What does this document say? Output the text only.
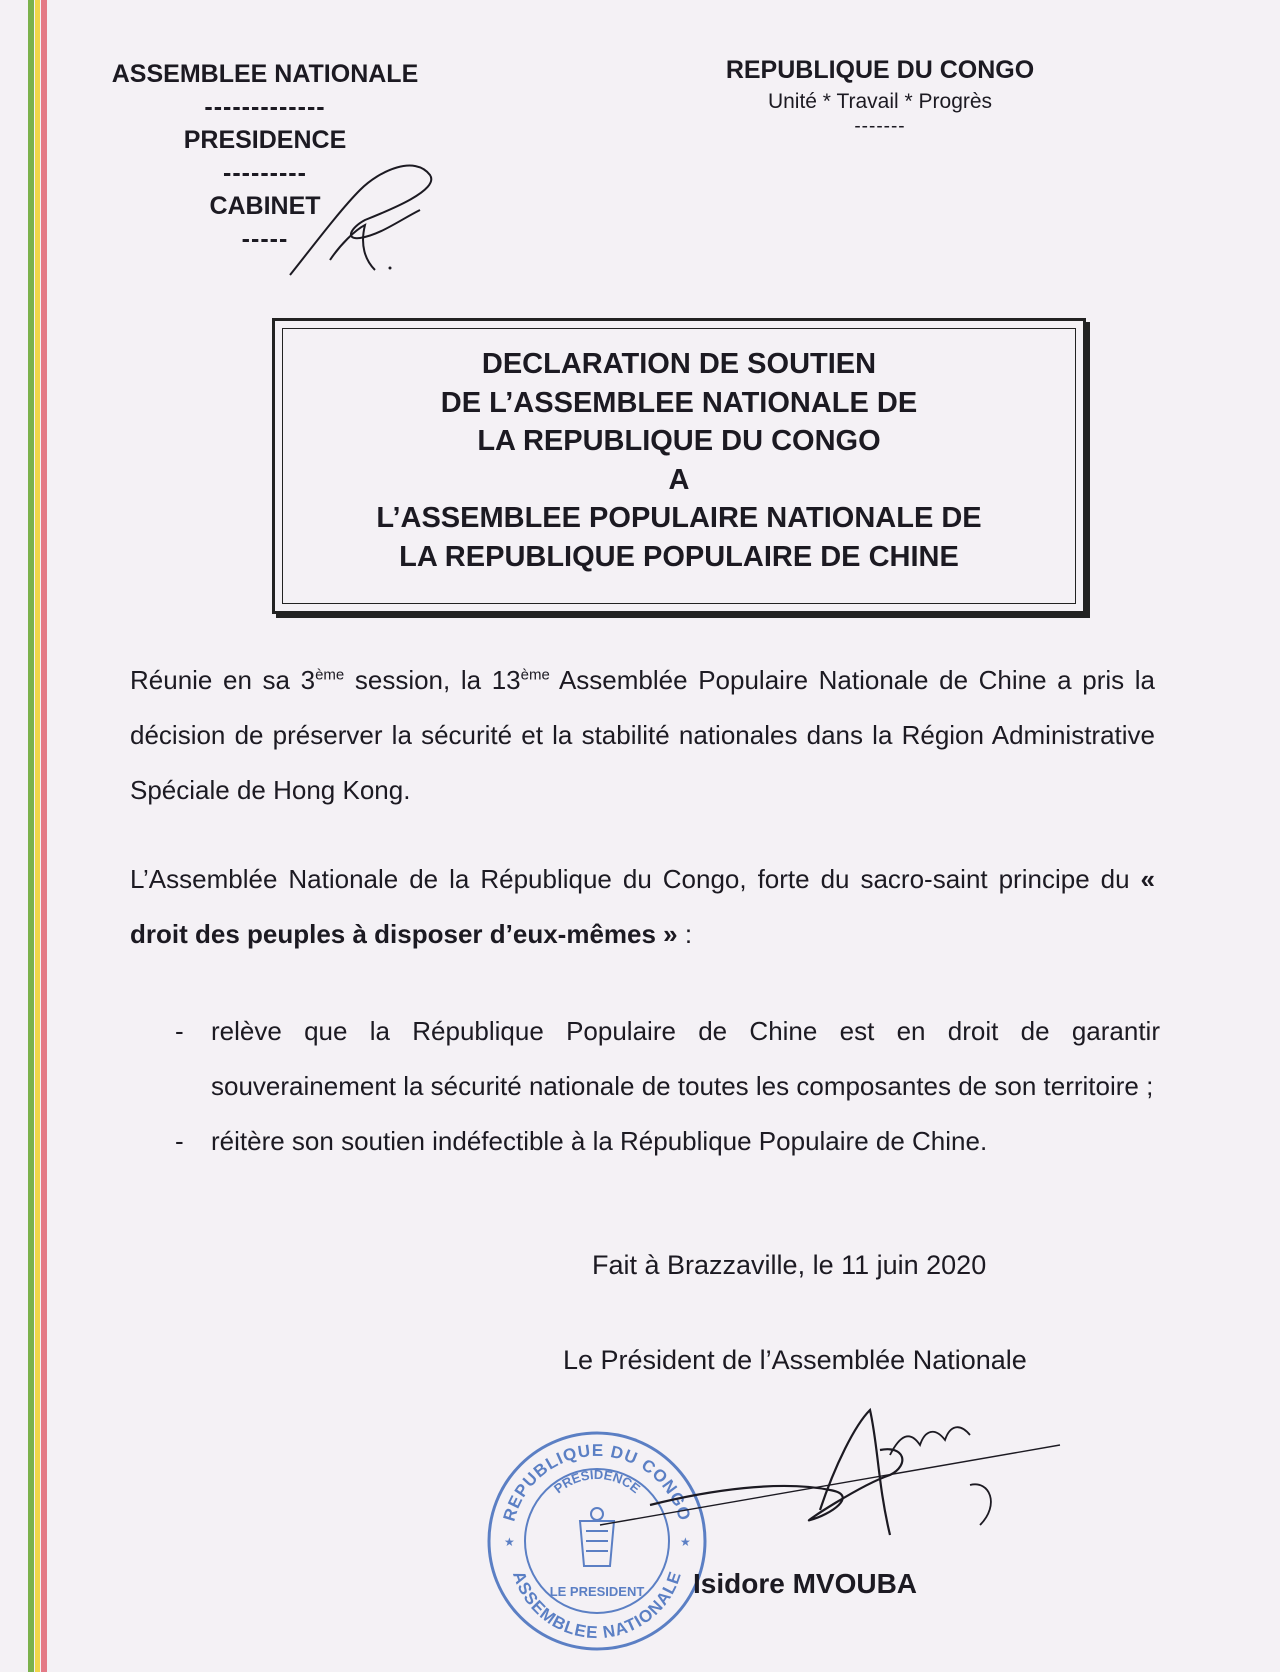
ASSEMBLEE NATIONALE
-------------
PRESIDENCE
---------
CABINET
-----
REPUBLIQUE DU CONGO
Unité * Travail * Progrès
-------
DECLARATION DE SOUTIEN
DE L’ASSEMBLEE NATIONALE DE
LA REPUBLIQUE DU CONGO
A
L’ASSEMBLEE POPULAIRE NATIONALE DE
LA REPUBLIQUE POPULAIRE DE CHINE
Réunie en sa 3ème session, la 13ème Assemblée Populaire Nationale de Chine a pris la décision de préserver la sécurité et la stabilité nationales dans la Région Administrative Spéciale de Hong Kong.
L’Assemblée Nationale de la République du Congo, forte du sacro-saint principe du « droit des peuples à disposer d’eux-mêmes » :
-	relève que la République Populaire de Chine est en droit de garantir souverainement la sécurité nationale de toutes les composantes de son territoire ;
-	réitère son soutien indéfectible à la République Populaire de Chine.
Fait à Brazzaville, le 11 juin 2020
Le Président de l’Assemblée Nationale
REPUBLIQUE DU CONGO
PRESIDENCE
ASSEMBLEE NATIONALE
★	★
LE PRESIDENT Isidore MVOUBA
